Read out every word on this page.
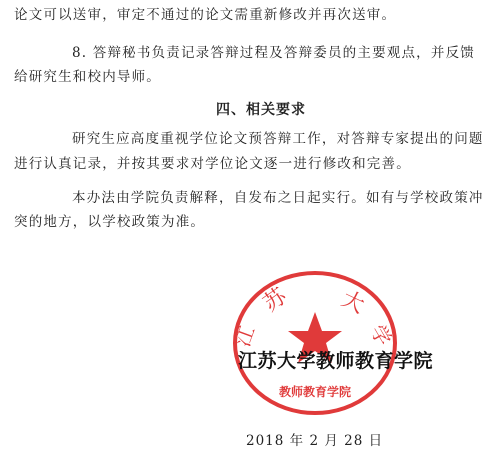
论文可以送审，审定不通过的论文需重新修改并再次送审。
8. 答辩秘书负责记录答辩过程及答辩委员的主要观点，并反馈
给研究生和校内导师。
四、相关要求
研究生应高度重视学位论文预答辩工作，对答辩专家提出的问题
进行认真记录，并按其要求对学位论文逐一进行修改和完善。
本办法由学院负责解释，自发布之日起实行。如有与学校政策冲
突的地方，以学校政策为准。
苏 大
江	学
教师教育学院
江苏大学教师教育学院
2018 年 2 月 28 日
